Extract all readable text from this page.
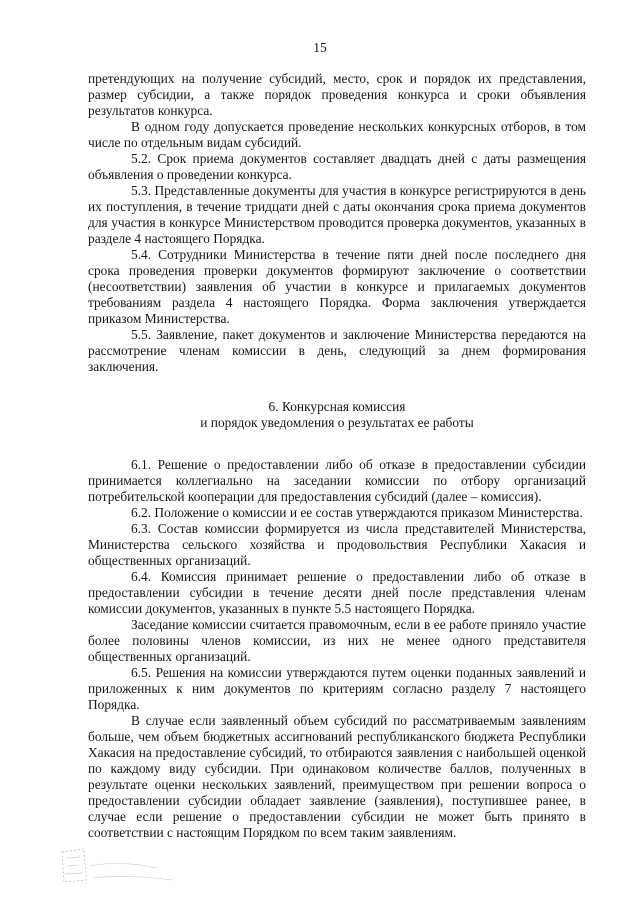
15

претендующих на получение субсидий, место, срок и порядок их представления, размер субсидии, а также порядок проведения конкурса и сроки объявления результатов конкурса.

В одном году допускается проведение нескольких конкурсных отборов, в том числе по отдельным видам субсидий.

5.2. Срок приема документов составляет двадцать дней с даты размещения объявления о проведении конкурса.

5.3. Представленные документы для участия в конкурсе регистрируются в день их поступления, в течение тридцати дней с даты окончания срока приема документов для участия в конкурсе Министерством проводится проверка документов, указанных в разделе 4 настоящего Порядка.

5.4. Сотрудники Министерства в течение пяти дней после последнего дня срока проведения проверки документов формируют заключение о соответствии (несоответствии) заявления об участии в конкурсе и прилагаемых документов требованиям раздела 4 настоящего Порядка. Форма заключения утверждается приказом Министерства.

5.5. Заявление, пакет документов и заключение Министерства передаются на рассмотрение членам комиссии в день, следующий за днем формирования заключения.

6. Конкурсная комиссия
и порядок уведомления о результатах ее работы

6.1. Решение о предоставлении либо об отказе в предоставлении субсидии принимается коллегиально на заседании комиссии по отбору организаций потребительской кооперации для предоставления субсидий (далее – комиссия).

6.2. Положение о комиссии и ее состав утверждаются приказом Министерства.

6.3. Состав комиссии формируется из числа представителей Министерства, Министерства сельского хозяйства и продовольствия Республики Хакасия и общественных организаций.

6.4. Комиссия принимает решение о предоставлении либо об отказе в предоставлении субсидии в течение десяти дней после представления членам комиссии документов, указанных в пункте 5.5 настоящего Порядка.

Заседание комиссии считается правомочным, если в ее работе приняло участие более половины членов комиссии, из них не менее одного представителя общественных организаций.

6.5. Решения на комиссии утверждаются путем оценки поданных заявлений и приложенных к ним документов по критериям согласно разделу 7 настоящего Порядка.

В случае если заявленный объем субсидий по рассматриваемым заявлениям больше, чем объем бюджетных ассигнований республиканского бюджета Республики Хакасия на предоставление субсидий, то отбираются заявления с наибольшей оценкой по каждому виду субсидии. При одинаковом количестве баллов, полученных в результате оценки нескольких заявлений, преимуществом при решении вопроса о предоставлении субсидии обладает заявление (заявления), поступившее ранее, в случае если решение о предоставлении субсидии не может быть принято в соответствии с настоящим Порядком по всем таким заявлениям.
